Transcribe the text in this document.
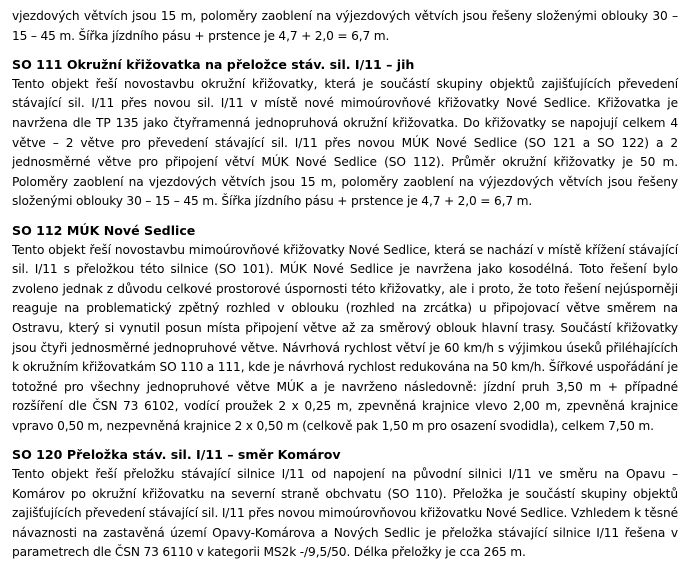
vjezdových větvích jsou 15 m, poloměry zaoblení na výjezdových větvích jsou řešeny složenými oblouky 30 – 15 – 45 m. Šířka jízdního pásu + prstence je 4,7 + 2,0 = 6,7 m.

SO 111 Okružní křižovatka na přeložce stáv. sil. I/11 – jih

Tento objekt řeší novostavbu okružní křižovatky, která je součástí skupiny objektů zajišťujících převedení stávající sil. I/11 přes novou sil. I/11 v místě nové mimoúrovňové křižovatky Nové Sedlice. Křižovatka je navržena dle TP 135 jako čtyřramenná jednopruhová okružní křižovatka. Do křižovatky se napojují celkem 4 větve – 2 větve pro převedení stávající sil. I/11 přes novou MÚK Nové Sedlice (SO 121 a SO 122) a 2 jednosměrné větve pro připojení větví MÚK Nové Sedlice (SO 112). Průměr okružní křižovatky je 50 m. Poloměry zaoblení na vjezdových větvích jsou 15 m, poloměry zaoblení na výjezdových větvích jsou řešeny složenými oblouky 30 – 15 – 45 m. Šířka jízdního pásu + prstence je 4,7 + 2,0 = 6,7 m.

SO 112 MÚK Nové Sedlice

Tento objekt řeší novostavbu mimoúrovňové křižovatky Nové Sedlice, která se nachází v místě křížení stávající sil. I/11 s přeložkou této silnice (SO 101). MÚK Nové Sedlice je navržena jako kosodélná. Toto řešení bylo zvoleno jednak z důvodu celkové prostorové úspornosti této křižovatky, ale i proto, že toto řešení nejúsporněji reaguje na problematický zpětný rozhled v oblouku (rozhled na zrcátka) u připojovací větve směrem na Ostravu, který si vynutil posun místa připojení větve až za směrový oblouk hlavní trasy. Součástí křižovatky jsou čtyři jednosměrné jednopruhové větve. Návrhová rychlost větví je 60 km/h s výjimkou úseků přiléhajících k okružním křižovatkám SO 110 a 111, kde je návrhová rychlost redukována na 50 km/h. Šířkové uspořádání je totožné pro všechny jednopruhové větve MÚK a je navrženo následovně: jízdní pruh 3,50 m + případné rozšíření dle ČSN 73 6102, vodící proužek 2 x 0,25 m, zpevněná krajnice vlevo 2,00 m, zpevněná krajnice vpravo 0,50 m, nezpevněná krajnice 2 x 0,50 m (celkově pak 1,50 m pro osazení svodidla), celkem 7,50 m.

SO 120 Přeložka stáv. sil. I/11 – směr Komárov

Tento objekt řeší přeložku stávající silnice I/11 od napojení na původní silnici I/11 ve směru na Opavu – Komárov po okružní křižovatku na severní straně obchvatu (SO 110). Přeložka je součástí skupiny objektů zajišťujících převedení stávající sil. I/11 přes novou mimoúrovňovou křižovatku Nové Sedlice. Vzhledem k těsné návaznosti na zastavěná území Opavy-Komárova a Nových Sedlic je přeložka stávající silnice I/11 řešena v parametrech dle ČSN 73 6110 v kategorii MS2k -/9,5/50. Délka přeložky je cca 265 m.
